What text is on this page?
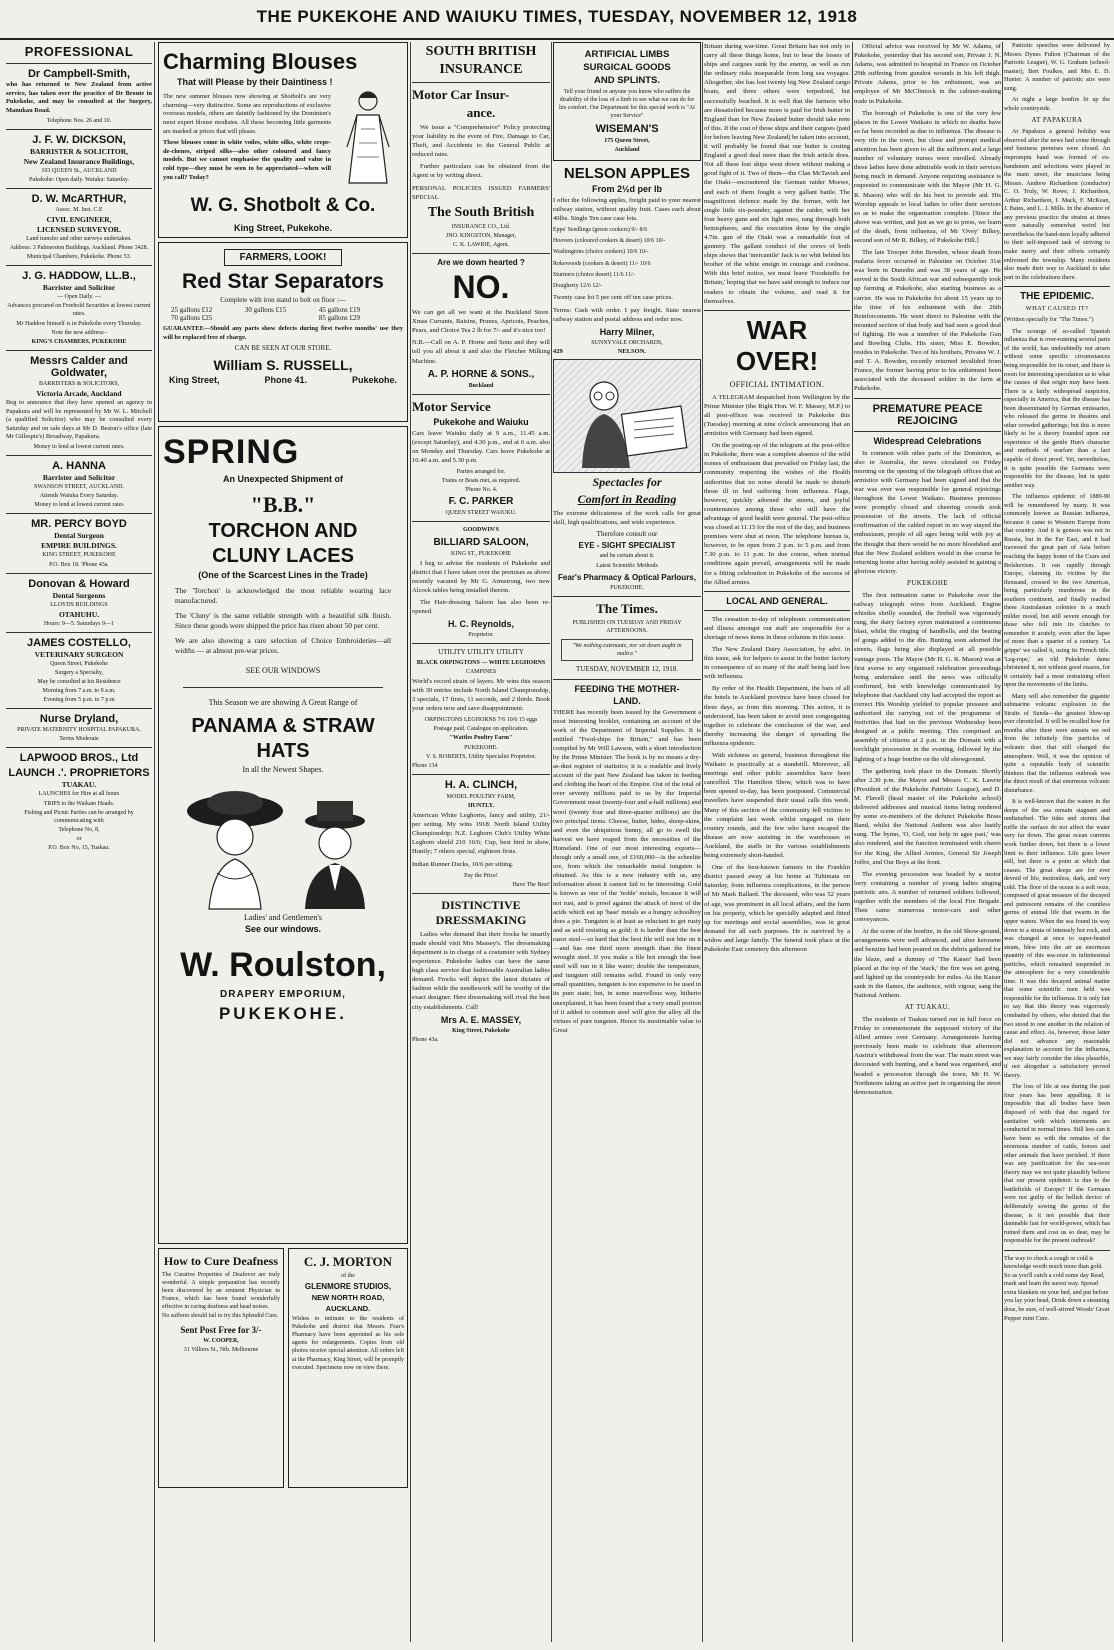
THE PUKEKOHE AND WAIUKU TIMES, TUESDAY, NOVEMBER 12, 1918
PROFESSIONAL
Dr Campbell-Smith,
who has returned to New Zealand from active service, has taken over the practice of Dr Bronte in Pukekohe, and may be consulted at the Surgery, Manukau Road.
Telephone Nos. 26 and 10.
J. F. W. DICKSON,
BARRISTER & SOLICITOR,
New Zealand Insurance Buildings,
103 QUEEN St., AUCKLAND
Pukekohe: Open daily. Waiuku: Saturday.
D. W. McARTHUR,
Assoc. M. Inst. C.E
CIVIL ENGINEER,
LICENSED SURVEYOR.
Land transfer and other surveys undertaken.
Address: 3 Palmerston Buildings, Auckland. Phone 3428.
Municipal Chambers, Pukekohe. Phone 53.
J. G. HADDOW, LL.B.,
Barrister and Solicitor
— Open Daily. —
Advances procured on Freehold Securities at lowest current rates.
Mr Haddow himself is in Pukekohe every Thursday.
Note the new address:-
KING'S CHAMBERS, PUKEKOHE
Messrs Calder and Goldwater,
BARRISTERS & SOLICITORS,
Victoria Arcade, Auckland
Beg to announce that they have opened an agency in Papakura and will be represented by Mr W. L. Mitchell (a qualified Solicitor) who may be consulted every Saturday and on sale days at Mr D. Beston's office (late Mr Gillespie's) Broadway, Papakura.
Money to lend at lowest current rates.
A. HANNA
Barrister and Solicitor
SWANSON STREET, AUCKLAND.
Attends Waiuku Every Saturday.
Money to lend at lowest current rates
MR. PERCY BOYD
Dental Surgeon
EMPIRE BUILDINGS.
KING STREET, PUKEKOHE
P.O. Box 18. 'Phone 43a.
Donovan & Howard
Dental Surgeons
LLOYDS BUILDINGS
OTAHUHU.
Hours: 9—5. Saturdays 9—1
JAMES COSTELLO,
VETERINARY SURGEON
Queen Street, Pukekohe
Surgery a Specialty,
May be consulted at his Residence
Morning from 7 a.m. to 9 a.m.
Evening from 5 p.m. to 7 p.m
Nurse Dryland,
PRIVATE MATERNITY HOSPITAL PAPAKURA.
Terms Moderate
LAPWOOD BROS., Ltd
LAUNCH .'. PROPRIETORS
TUAKAU.
LAUNCHES for Hire at all hours
TRIPS to the Waikato Heads.
Fishing and Picnic Parties can be arranged by communicating with
Telephone No, 8,
or
P.O. Box No, 15, Tuakau.
Charming Blouses
That will Please by their Daintiness !
The new summer blouses now showing at Shotbolt's are very charming—very distinctive. Some are reproductions of exclusive overseas models, others are daintily fashioned by the Dominion's most expert blouse modistes. All these becoming little garments are marked at prices that will please.
These blouses come in white voiles, white silks, white crepe-de-chenes, striped silks—also other coloured and fancy models. But we cannot emphasise the quality and value in cold type—they must be seen to be appreciated—when will you call? Today?
W. G. Shotbolt & Co.
King Street, Pukekohe.
FARMERS, LOOK!
Red Star Separators
Complete with iron stand to bolt on floor :—
25 gallons £12	30 gallons £15	45 gallons £19
70 gallons £25	85 gallons £29
GUARANTEE—Should any parts show defects during first twelve months' use they will be replaced free of charge.
CAN BE SEEN AT OUR STORE.
William S. RUSSELL,
King Street,	Phone 41.	Pukekohe.
SPRING
An Unexpected Shipment of
"B.B."
TORCHON AND
CLUNY LACES
(One of the Scarcest Lines in the Trade)
The 'Torchon' is acknowledged the most reliable wearing lace manufactured.
The 'Cluny' is the same reliable strength with a beautiful silk finish. Since these goods were shipped the price has risen about 50 per cent.
We are also showing a rare selection of Choice Embroideries—all widths — at almost pre-war prices.
SEE OUR WINDOWS
This Season we are showing A Great Range of
PANAMA & STRAW
HATS
In all the Newest Shapes.
Ladies' and Gentlemen's
See our windows.
W. Roulston,
DRAPERY EMPORIUM,
PUKEKOHE.
How to Cure Deafness
The Curative Properties of Deafovor are truly wonderful. A simple preparation has recently been discovered by an eminent Physician in France, which has been found wonderfully effective in curing deafness and head noises.
No sufferer should fail to try this Splendid Cure.
Sent Post Free for 3/-
W. COOPER,
31 Villiers St., Nth. Melbourne
C. J. MORTON
of the
GLENMORE STUDIOS,
NEW NORTH ROAD,
AUCKLAND.
Wishes to intimate to the residents of Pukekohe and district that Messrs. Fear's Pharmacy have been appointed as his sole agents for enlargements. Copies from old photos receive special attention. All orders left at the Pharmacy, King Street, will be promptly executed. Specimens now on view there.
SOUTH BRITISH
INSURANCE
Motor Car Insur-
ance.
We issue a "Comprehensive" Policy protecting your liability in the event of Fire, Damage to Car, Theft, and Accidents to the General Public at reduced rates.
Further particulars can be obtained from the Agent or by writing direct.
PERSONAL POLICIES ISSUED FARMERS' SPECIAL
The South British
INSURANCE CO., Ltd.
JNO. KINGSTON, Manager,
C. K. LAWRIE, Agent.
Are we down hearted ?
NO.
We can get all we want at the Buckland Store. Xmas Currants, Raisins, Prunes, Apricots, Peaches, Pears, and Choice Tea 2 lb for 7/- and it's nice too!
N.B.—Call on A. P. Horne and Sons and they will tell you all about it and also the Fletcher Milking Machine.
A. P. HORNE & SONS.,
Buckland
Motor Service
Pukekohe and Waiuku
Cars leave Waiuku daily at 9 a.m., 11.45 a.m. (except Saturday), and 4.30 p.m., and at 6 a.m. also on Monday and Thursday. Cars leave Pukekohe at 10.40 a.m. and 5.30 p.m.
Parties arranged for.
Trains or Boats met, as required.
'Phone No. 4.
F. C. PARKER
QUEEN STREET WAIUKU.
GOODWIN'S
BILLIARD SALOON,
KING ST., PUKEKOHE
I beg to advise the residents of Pukekohe and district that I have taken over the premises as above recently vacated by Mr G. Armstrong, two new Alcock tables being installed therein.
The Hair-dressing Saloon has also been re-opened.
H. C. Reynolds,
Proprietor.
UTILITY UTILITY UTILITY
BLACK ORPINGTONS — WHITE LEGHORNS
CAMPINES
World's record strain of layers. Mr wins this season with 30 entries include North Island Championship, 3 specials, 17 firsts, 11 seconds, and 2 thirds. Book your orders now and save disappointment.
ORPINGTONS LEGHORNS 7/6 10/6 15 eggs
Postage paid. Catalogue on application.
"Wattles Poultry Farm"
PUKEKOHE.
V. S. ROBERTS, Utility Specialist Proprietor.
Phone 134
H. A. CLINCH,
MODEL POULTRY FARM,
HUNTLY.
American White Leghorns, fancy and utility, 21/- per setting. My wins 1918: North Island Utility Championship; N.Z. Leghorn Club's Utility White Leghorn shield 210 10/6; Cup, best bird in show, Huntly; 7 others special, eighteen firsts.
Indian Runner Ducks, 10/6 per sitting.
Pay the Price!
Have The Best!
DISTINCTIVE DRESSMAKING
Ladies who demand that their frocks be smartly made should visit Mrs Massey's. The dressmaking department is in charge of a costumier with Sydney experience. Pukekohe ladies can have the same high class service that fashionable Australian ladies demand. Frocks will depict the latest dictates of fashion while the needlework will be worthy of the exact designer. Here dressmaking will rival the best city establishments. Call!
Mrs A. E. MASSEY,
King Street, Pukekohe
Phone 43a.
ARTIFICIAL LIMBS
SURGICAL GOODS
AND SPLINTS.
Tell your friend or anyone you know who suffers the disability of the loss of a limb to see what we can do for his comfort. Our Department for this special work is "At your Service"
WISEMAN'S
175 Queen Street,
Auckland
NELSON APPLES
From 2½d per lb
I offer the following apples, freight paid to your nearest railway station, without quality fruit. Cases each about 40lbs. Single Ten case case lots.
Epps' Seedlings (green cookers) 9/- 8/6
Hoovers (coloured cookers & desert) 10/6 10/-
Washingtons (choice cookers) 10/6 10/-
Rokewoods (cookers & desert) 11/- 10/6
Sturmers (choice desert) 11/6 11/-
Dougherty 12/6 12/-
Twenty case lot 5 per cent off ten case prices.
Terms: Cash with order. I pay freight. State nearest railway station and postal address and order now.
Harry Milner,
SUNNYVALE ORCHARDS,
429	NELSON.
Spectacles for
Comfort in Reading
The extreme delicateness of the work calls for great skill, high qualifications, and wide experience.
Therefore consult our
EYE - SIGHT SPECIALIST
and be certain about it.
Latest Scientific Methods
Fear's Pharmacy & Optical Parlours,
PUKEKOHE.
The Times.
PUBLISHED ON TUESDAY AND FRIDAY AFTERNOONS.
"We nothing extenuate, nor set down aught in malice."
TUESDAY, NOVEMBER 12, 1918.
FEEDING THE MOTHER-
LAND.
THERE has recently been issued by the Government a most interesting booklet, containing an account of the work of the Department of Imperial Supplies. It is entitled "Food-ships for Britain," and has been compiled by Mr Will Lawson, with a short introduction by the Prime Minister. The book is by no means a dry-as-dust register of statistics; it is a readable and lively account of the part New Zealand has taken in feeding and clothing the heart of the Empire. Out of the total of over seventy millions paid to us by the Imperial Government meat (twenty-four and a-half millions) and wool (twenty four and three-quarter millions) are the two principal items. Cheese, butter, hides, sheep-skins, and even the ubiquitous bunny, all go to swell the harvest we have reaped from the necessities of the Homeland. One of our most interesting exports—though only a small one, of £160,000—is the scheelite ore, from which the remarkable metal tungsten is obtained. As this is a new industry with us, any information about it cannot fail to be interesting. Gold is known as one of the 'noble' metals, because it will not rust, and is proof against the attack of most of the acids which eat up 'base' metals as a hungry schoolboy does a pie. Tungsten is at least as reluctant to get rusty and as acid resisting as gold; it is harder than the best razor steel—so hard that the best file will not bite on it—and has one third more strength than the finest wrought steel. If you make a file hot enough the best steel will run in it like water; double the temperature, and tungsten still remains solid. Found in only very small quantities, tungsten is too expensive to be used in its pure state; but, in some marvellous way, hitherto unexplained, it has been found that a very small portion of it added to common steel will give the alloy all the virtues of pure tungsten. Hence its inestimable value to Great
Britain during war-time. Great Britain has not only to carry all these things home, but to bear the losses of ships and cargoes sunk by the enemy, as well as run the ordinary risks inseparable from long sea voyages. Altogether, she has lost twenty big New Zealand cargo boats, and three others were torpedoed, but successfully beached. It is well that the farmers who are dissatisfied because more is paid for Irish butter in England than for New Zealand butter should take note of this. If the cost of those ships and their cargoes (paid for before leaving New Zealand) be taken into account, it will probably be found that our butter is costing England a good deal more than the Irish article does. Not all these lost ships went down without making a good fight of it. Two of them—the Clan McTavish and the Otaki—encountered the German raider Moewe, and each of them fought a very gallant battle. The magnificent defence made by the former, with her single little six-pounder, against the raider, with her four heavy guns and six light ones, rang through both hemispheres, and the execution done by the single 4.7in. gun of the Otaki was a remarkable feat of gunnery. The gallant conduct of the crews of both ships shows that 'mercantile' Jack is no whit behind his brother of the white ensign in courage and coolness. With this brief notice, we must leave 'Foodstuffs for Britain,' hoping that we have said enough to induce our readers to obtain the volume, and read it for themselves.
WAR OVER!
OFFICIAL INTIMATION.
A TELEGRAM despatched from Wellington by the Prime Minister (the Right Hon. W. F. Massey, M.P.) to all post-offices was received in Pukekohe this (Tuesday) morning at nine o'clock announcing that an armistice with Germany had been signed.
On the posting-up of the telegram at the post-office in Pukekohe, there was a complete absence of the wild scenes of enthusiasm that prevailed on Friday last, the community respecting the wishes of the Health authorities that no noise should be made to disturb those ill in bed suffering from influenza. Flags, however, quickly adorned the streets, and joyful countenances among those who still have the advantage of good health were general. The post-office was closed at 11.15 for the rest of the day, and business premises were shut at noon. The telephone bureau is, however, to be open from 2 p.m. to 5 p.m. and from 7.30 p.m. to 11 p.m. In due course, when normal conditions again prevail, arrangements will be made for a fitting celebration in Pukekohe of the success of the Allied armies.
LOCAL AND GENERAL.
The cessation to-day of telephonic communication and illness amongst our staff are responsible for a shortage of news items in these columns in this issue.
The New Zealand Dairy Association, by advt. in this issue, ask for helpers to assist in the butter factory in consequence of so many of the staff being laid low with influenza.
By order of the Health Department, the bars of all the hotels in Auckland province have been closed for three days, as from this morning. This action, it is understood, has been taken to avoid men congregating together to celebrate the conclusion of the war, and thereby increasing the danger of spreading the influenza epidemic.
With sickness so general, business throughout the Waikato is practically at a standstill. Moreover, all meetings and other public assemblies have been cancelled. The Hamilton Show, which was to have been opened to-day, has been postponed. Commercial travellers have suspended their usual calls this week. Many of this section of the community fell victims to the complaint last week whilst engaged on their country rounds, and the few who have escaped the disease are now assisting in the warehouses in Auckland, the staffs in the various establishments being extremely short-handed.
One of the best-known farmers in the Franklin district passed away at his home at Tuhimata on Saturday, from influenza complications, in the person of Mr Mark Ballard. The deceased, who was 52 years of age, was prominent in all local affairs, and the farm on his property, which he specially adapted and fitted up for meetings and social assemblies, was in great demand for all such purposes. He is survived by a widow and large family. The funeral took place at the Pukekohe East cemetery this afternoon
Official advice was received by Mr W. Adams, of Pukekohe, yesterday that his second son, Private J. N. Adams, was admitted to hospital in France on October 29th suffering from gunshot wounds in his left thigh. Private Adams, prior to his enlistment, was an employee of Mr McClintock in the cabinet-making trade in Pukekohe.
The borough of Pukekohe is one of the very few places in the Lower Waikato in which no deaths have so far been recorded as due to influenza. The disease is very rife in the town, but close and prompt medical attention has been given to all the sufferers and a large number of voluntary nurses were enrolled. Already these ladies have done admirable work in their services being much in demand. Anyone requiring assistance is requested to communicate with the Mayor (Mr H. G. R. Mason) who will do his best to provide aid. His Worship appeals to local ladies to offer their services so as to make the organisation complete. [Since the above was written, and just as we go to press, we learn of the death, from influenza, of Mr 'Ovey' Bilkey, second son of Mr R. Bilkey, of Pukekohe Hill.]
The late Trooper John Bowden, whose death from malaria fever occurred in Palestine on October 31st was born in Dunedin and was 38 years of age. He served in the South African war and subsequently took up farming at Pukekohe, also starting business as a carrier. He was in Pukekohe for about 15 years up to the time of his enlistment with the 26th Reinforcements. He went direct to Palestine with the mounted section of that body and had seen a good deal of fighting. He was a member of the Pukekohe Gun and Bowling Clubs. His sister, Miss E. Bowden, resides in Pukekohe. Two of his brothers, Privates W. J. and T. A. Bowden, recently returned invalided from France, the former having prior to his enlistment been associated with the deceased soldier in the farm at Pukekohe.
PREMATURE PEACE REJOICING
Widespread Celebrations
In common with other parts of the Dominion, as also in Australia, the news circulated on Friday morning on the opening of the telegraph offices that an armistice with Germany had been signed and that the war was over was responsible for general rejoicings throughout the Lower Waikato. Business premises were promptly closed and cheering crowds took possession of the streets. The lack of official confirmation of the cabled report in no way stayed the enthusiasm, people of all ages being wild with joy at the thought that there would be no more bloodshed and that the New Zealand soldiers would in due course be returning home after having nobly assisted in gaining a glorious victory.
PUKEKOHE
The first intimation came to Pukekohe over the railway telegraph wires from Auckland. Engine whistles shrilly sounded, the firebell was vigorously rung, the dairy factory syren maintained a continuous blast, whilst the ringing of handbells, and the beating of gongs added to the din. Bunting soon adorned the streets, flags being also displayed at all possible vantage posts. The Mayor (Mr H. G. R. Mason) was at first averse to any organised celebration proceedings being undertaken until the news was officially confirmed, but with knowledge communicated by telephone that Auckland city had accepted the report as correct His Worship yielded to popular pressure and authorised the carrying out of the programme of festivities that had on the previous Wednesday been designed at a public meeting. This comprised an assembly of citizens at 2 p.m. in the Domain with a torchlight procession in the evening, followed by the lighting of a huge bonfire on the old showground.
The gathering took place in the Domain. Shortly after 2.30 p.m. the Mayor and Messrs C. K. Lawrie (President of the Pukekohe Patriotic League), and D. M. Flavell (head master of the Pukekohe school) delivered addresses and musical items being rendered by some ex-members of the defunct Pukekohe Brass Band, whilst the National Anthem was also lustily sung. The hymn, 'O, God, our help in ages past,' was also rendered, and the function terminated with cheers for the King, the Allied Armies, General Sir Joseph Joffre, and Our Boys at the front.
The evening procession was headed by a motor lorry containing a number of young ladies singing patriotic airs. A number of returned soldiers followed, together with the members of the local Fire Brigade. Then came numerous motor-cars and other conveyances.
At the scene of the bonfire, in the old Show-ground, arrangements were well advanced, and after kerosene and benzine had been poured on the debris gathered for the blaze, and a dummy of 'The Kaiser' had been placed at the top of the 'stack,' the fire was set going, and lighted up the countryside for miles. As the Kaiser sank in the flames, the audience, with vigour, sang the National Anthem.
AT TUAKAU.
The residents of Tuakau turned out in full force on Friday to commemorate the supposed victory of the Allied armies over Germany. Arrangements having previously been made to celebrate that afternoon Austria's withdrawal from the war. The main street was decorated with bunting, and a band was organised, and headed a procession through the town, Mr H. W. Northmore taking an active part in organising the street demonstration.
Patriotic speeches were delivered by Messrs Dynes Fulton (Chairman of the Patriotic League), W. G. Graham (school-master), Bert Foulkes, and Mrs E. D. Hunter. A number of patriotic airs were sung.
At night a large bonfire lit up the whole countryside.
AT PAPAKURA
At Papakura a general holiday was observed after the news had come through and business premises were closed. An impromptu band was formed of ex-bandsmen and selections were played in the main street, the musicians being Messrs. Andrew Richardson (conductor) C. O. Truly, W. Rowe, J. Richardson, Arthur Richardson, I. Mack, F. McKean, J. Bates, and L. J. Mills. In the absence of any previous practice the strains at times were naturally somewhat weird but nevertheless the band-men loyally adhered to their self-imposed task of striving to make merry and their efforts certainly enlivened the township. Many residents also made their way to Auckland to take part in the celebrations there.
THE EPIDEMIC.
WHAT CAUSED IT?
(Written specially for "The Times.")
The scourge of so-called Spanish influenza that is over-running several parts of the world, has undoubtedly not arisen without some specific circumstances being responsible for its onset, and there is room for interesting speculation as to what the causes of that origin may have been. There is a fairly widespread suspicion, especially in America, that the disease has been disseminated by German emissaries, who released the germs in theatres and other crowded gatherings; but this is more likely to be a theory founded upon our experience of the gentle Hun's character and methods of warfare than a fact capable of direct proof. Yet, nevertheless, it is quite possible the Germans were responsible for the disease, but in quite another way.
The influenza epidemic of 1889-90 will be remembered by many. It was commonly known as Russian influenza, because it came to Western Europe from that country. And it is genesis was not in Russia, but in the Far East, and it had traversed the great part of Asia before reaching the happy home of the Czars and Bolshevism. It ran rapidly through Europe, claiming its victims by the thousand, crossed to the two Americas, being particularly murderous in the southern continent, and finally reached these Australasian colonies in a much milder mood, but still severe enough for those who fell into its clutches to remember it acutely, even after the lapse of more than a quarter of a century. 'La grippe' we called it, using its French title. 'Leg-rope,' an old Pukekohe dame christened it, not without good reason, for it certainly had a most restraining effect upon the movements of the limbs.
Many will also remember the gigantic submarine volcanic explosion in the Straits of Sunda—the greatest blow-up ever chronicled. It will be recalled how for months after there were sunsets we red from the infinitely fine particles of volcanic dust that still charged the atmosphere. Well, it was the opinion of quite a reputable body of scientific thinkers that the influenza outbreak was the direct result of that enormous volcanic disturbance.
It is well-known that the waters in the deeps of the sea remain stagnant and undisturbed. The tides and storms that ruffle the surface do not affect the water very far down. The great ocean currents work further down, but there is a lower limit to their influence. Life goes lower still, but there is a point at which that ceases. The great deeps are for ever devoid of life, motionless, dark, and very cold. The floor of the ocean is a soft ooze, composed of great measure of the decayed and putrescent remains of the countless germs of animal life that swarm in the upper waters. When the sea found its way down to a strata of intensely hot rock, and was changed at once to super-heated steam, blew into the air an enormous quantity of this sea-ooze in infinitesimal particles, which remained suspended in the atmosphere for a very considerable time. It was this decayed animal matter that some scientific men held was responsible for the influenza. It is only fair to say that this theory was vigorously combatted by others, who denied that the two stood to one another in the relation of cause and effect. As, however, those latter did not advance any reasonable explanation to account for the influenza, we may fairly consider the idea plausible, if not altogether a satisfactory proved theory.
The loss of life at sea during the past four years has been appalling. It is impossible that all bodies have been disposed of with that due regard for sanitation with which interments are conducted in normal times. Still less can it have been so with the remains of the enormous number of cattle, horses and other animals that have perished. If there was any justification for the sea-ooze theory may we not quite plausibly believe that our present epidemic is due to the battlefields of Europe? If the Germans were not guilty of the hellish device of deliberately sowing the germs of the disease, is it not possible that their damnable lust for world-power, which has ruined them and cost us so dear, may be responsible for the present outbreak?
The way to check a cough or cold is knowledge worth much more than gold. So as you'll catch a cold some day Read, mark and learn the surest way. Spread extra blankets on your bed, and put before you lay your head, Drink down a steaming dose, be sure, of well-stirred Woods' Great Pepper mint Cure.
